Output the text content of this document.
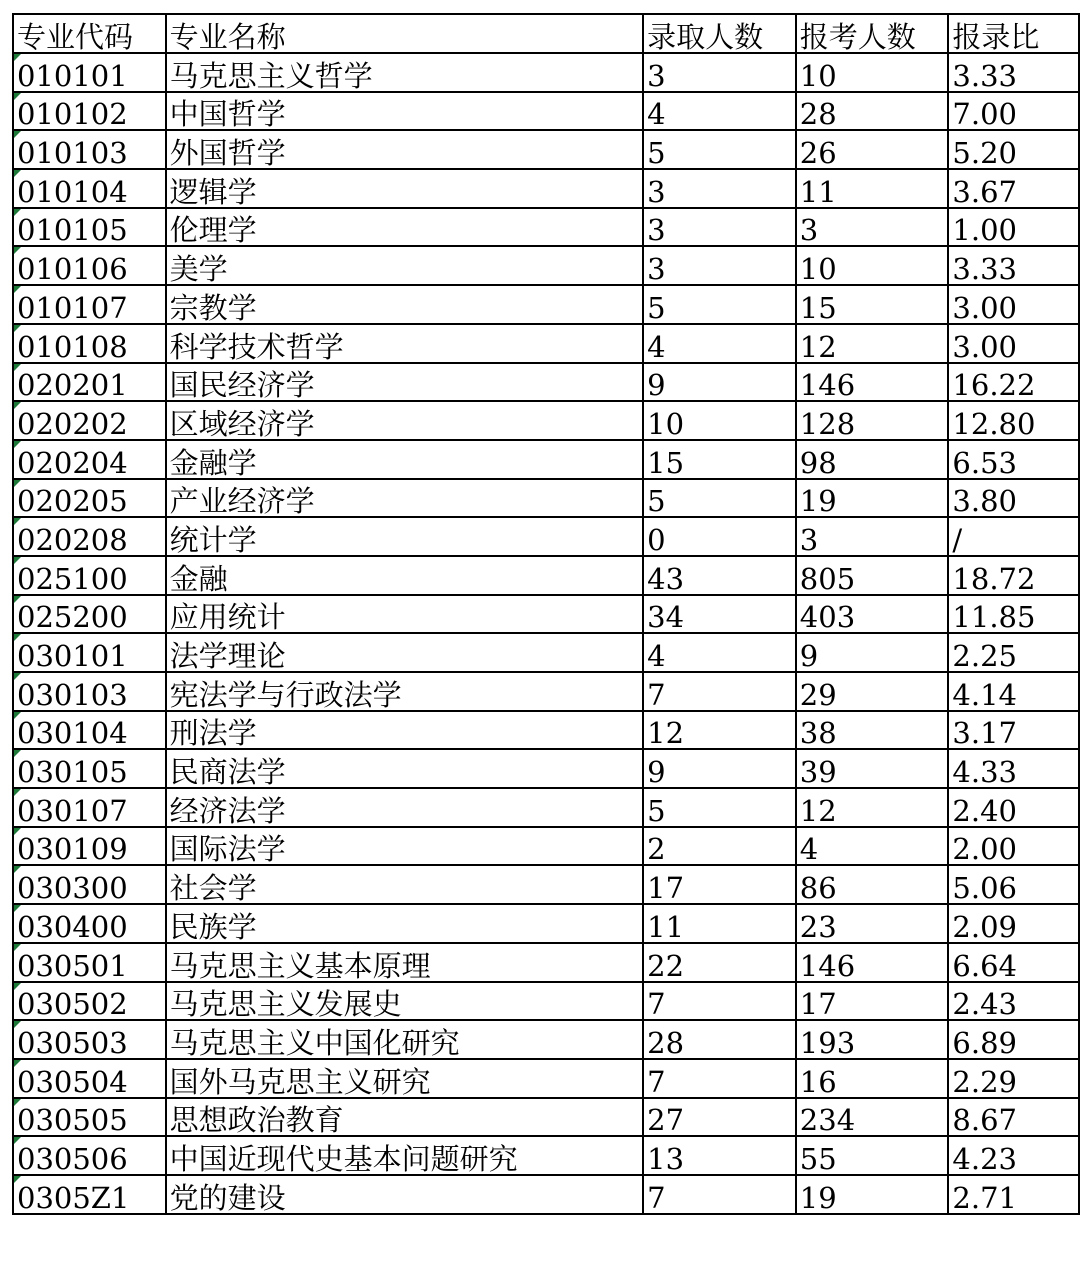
专业代码	专业名称	录取人数	报考人数	报录比
010101	马克思主义哲学	3	10	3.33
010102	中国哲学	4	28	7.00
010103	外国哲学	5	26	5.20
010104	逻辑学	3	11	3.67
010105	伦理学	3	3	1.00
010106	美学	3	10	3.33
010107	宗教学	5	15	3.00
010108	科学技术哲学	4	12	3.00
020201	国民经济学	9	146	16.22
020202	区域经济学	10	128	12.80
020204	金融学	15	98	6.53
020205	产业经济学	5	19	3.80
020208	统计学	0	3	/
025100	金融	43	805	18.72
025200	应用统计	34	403	11.85
030101	法学理论	4	9	2.25
030103	宪法学与行政法学	7	29	4.14
030104	刑法学	12	38	3.17
030105	民商法学	9	39	4.33
030107	经济法学	5	12	2.40
030109	国际法学	2	4	2.00
030300	社会学	17	86	5.06
030400	民族学	11	23	2.09
030501	马克思主义基本原理	22	146	6.64
030502	马克思主义发展史	7	17	2.43
030503	马克思主义中国化研究	28	193	6.89
030504	国外马克思主义研究	7	16	2.29
030505	思想政治教育	27	234	8.67
030506	中国近现代史基本问题研究	13	55	4.23
0305Z1	党的建设	7	19	2.71
